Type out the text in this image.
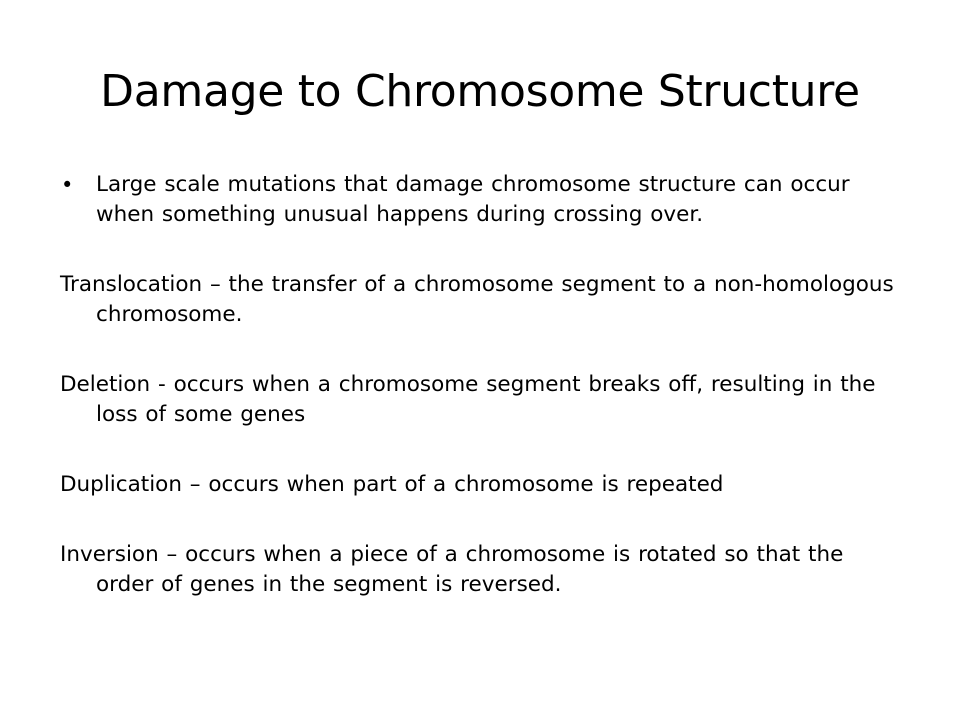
Damage to Chromosome Structure

• Large scale mutations that damage chromosome structure can occur when something unusual happens during crossing over.

Translocation – the transfer of a chromosome segment to a non-homologous chromosome.

Deletion - occurs when a chromosome segment breaks off, resulting in the loss of some genes

Duplication – occurs when part of a chromosome is repeated

Inversion – occurs when a piece of a chromosome is rotated so that the order of genes in the segment is reversed.
